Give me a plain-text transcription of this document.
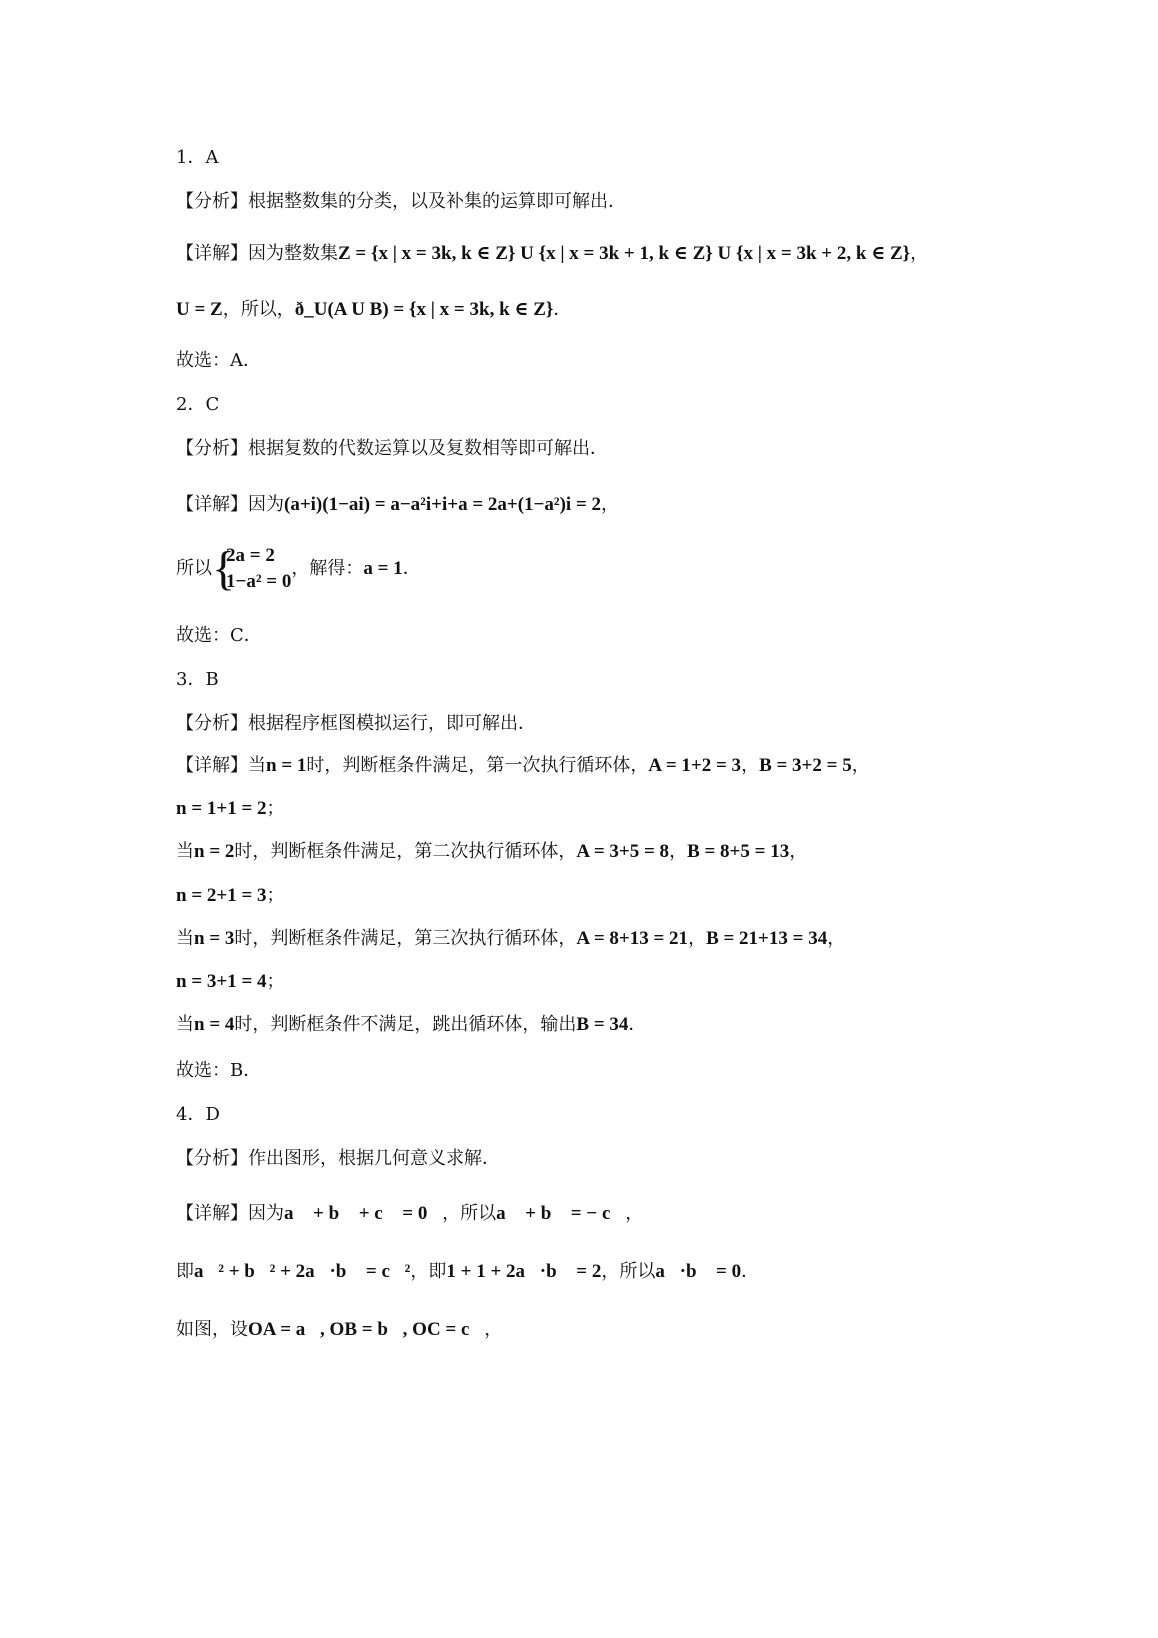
1．A
【分析】根据整数集的分类，以及补集的运算即可解出．
【详解】因为整数集Z = {x | x = 3k, k ∈ Z} U {x | x = 3k + 1, k ∈ Z} U {x | x = 3k + 2, k ∈ Z}，
U = Z，所以，ð_U(A U B) = {x | x = 3k, k ∈ Z}．
故选：A．
2．C
【分析】根据复数的代数运算以及复数相等即可解出．
【详解】因为(a+i)(1−ai) = a−a²i+i+a = 2a+(1−a²)i = 2，
所以 {
2a = 2
1−a² = 0
，解得：a = 1．
故选：C．
3．B
【分析】根据程序框图模拟运行，即可解出．
【详解】当n = 1时，判断框条件满足，第一次执行循环体，A = 1+2 = 3，B = 3+2 = 5，
n = 1+1 = 2；
当n = 2时，判断框条件满足，第二次执行循环体，A = 3+5 = 8，B = 8+5 = 13，
n = 2+1 = 3；
当n = 3时，判断框条件满足，第三次执行循环体，A = 8+13 = 21，B = 21+13 = 34，
n = 3+1 = 4；
当n = 4时，判断框条件不满足，跳出循环体，输出B = 34．
故选：B．
4．D
【分析】作出图形，根据几何意义求解．
【详解】因为a⃗ + b⃗ + c⃗ = 0⃗，所以a⃗ + b⃗ = − c⃗，
即a⃗² + b⃗² + 2a⃗·b⃗ = c⃗²，即1 + 1 + 2a⃗·b⃗ = 2，所以a⃗·b⃗ = 0．
如图，设OA = a⃗, OB = b⃗, OC = c⃗，
